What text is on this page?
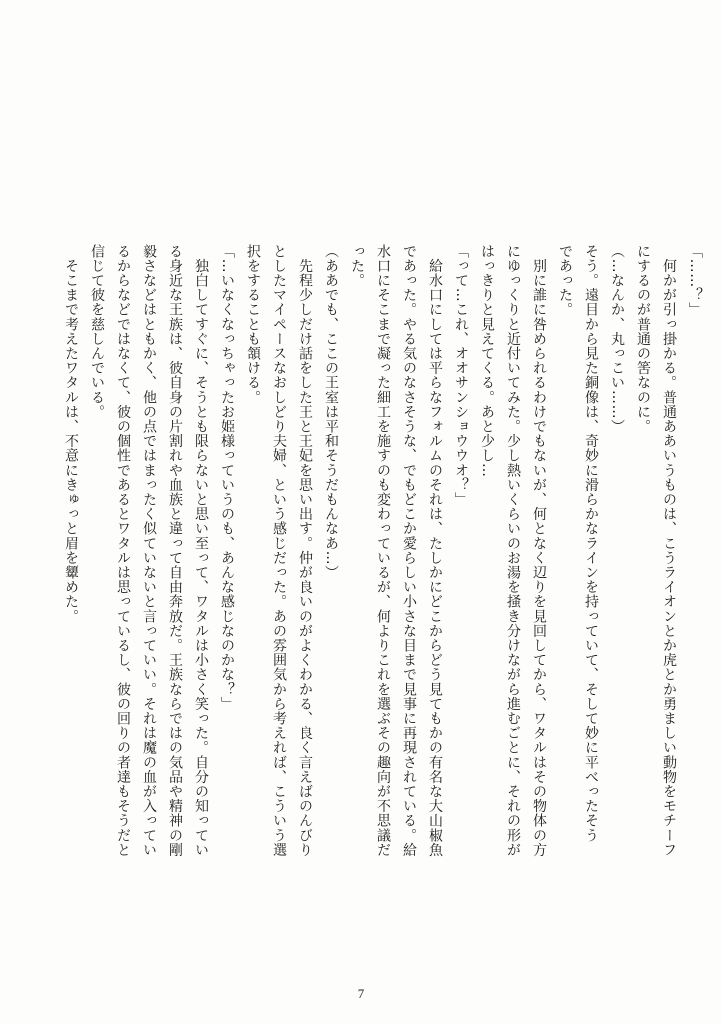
「……？」

　何かが引っ掛かる。普通ああいうものは、こうライオンとか虎とか勇ましい動物をモチーフ

にするのが普通の筈なのに。

（…なんか、丸っこい……）

そう。遠目から見た銅像は、奇妙に滑らかなラインを持っていて、そして妙に平べったそう

であった。

　別に誰に咎められるわけでもないが、何となく辺りを見回してから、ワタルはその物体の方

にゆっくりと近付いてみた。少し熱いくらいのお湯を掻き分けながら進むごとに、それの形が

はっきりと見えてくる。あと少し…

「って…これ、オオサンショウウオ？」

　給水口にしては平らなフォルムのそれは、たしかにどこからどう見てもかの有名な大山椒魚

であった。やる気のなさそうな、でもどこか愛らしい小さな目まで見事に再現されている。給

水口にそこまで凝った細工を施すのも変わっているが、何よりこれを選ぶその趣向が不思議だ

った。

（ああでも、ここの王室は平和そうだもんなあ…）

　先程少しだけ話をした王と王妃を思い出す。仲が良いのがよくわかる、良く言えばのんびり

としたマイペースなおしどり夫婦、という感じだった。あの雰囲気から考えれば、こういう選

択をすることも頷ける。

「…いなくなっちゃったお姫様っていうのも、あんな感じなのかな？」

　独白してすぐに、そうとも限らないと思い至って、ワタルは小さく笑った。自分の知ってい

る身近な王族は、彼自身の片割れや血族と違って自由奔放だ。王族ならではの気品や精神の剛

毅さなどはともかく、他の点ではまったく似ていないと言っていい。それは魔の血が入ってい

るからなどではなくて、彼の個性であるとワタルは思っているし、彼の回りの者達もそうだと

信じて彼を慈しんでいる。

　そこまで考えたワタルは、不意にきゅっと眉を顰めた。

7
